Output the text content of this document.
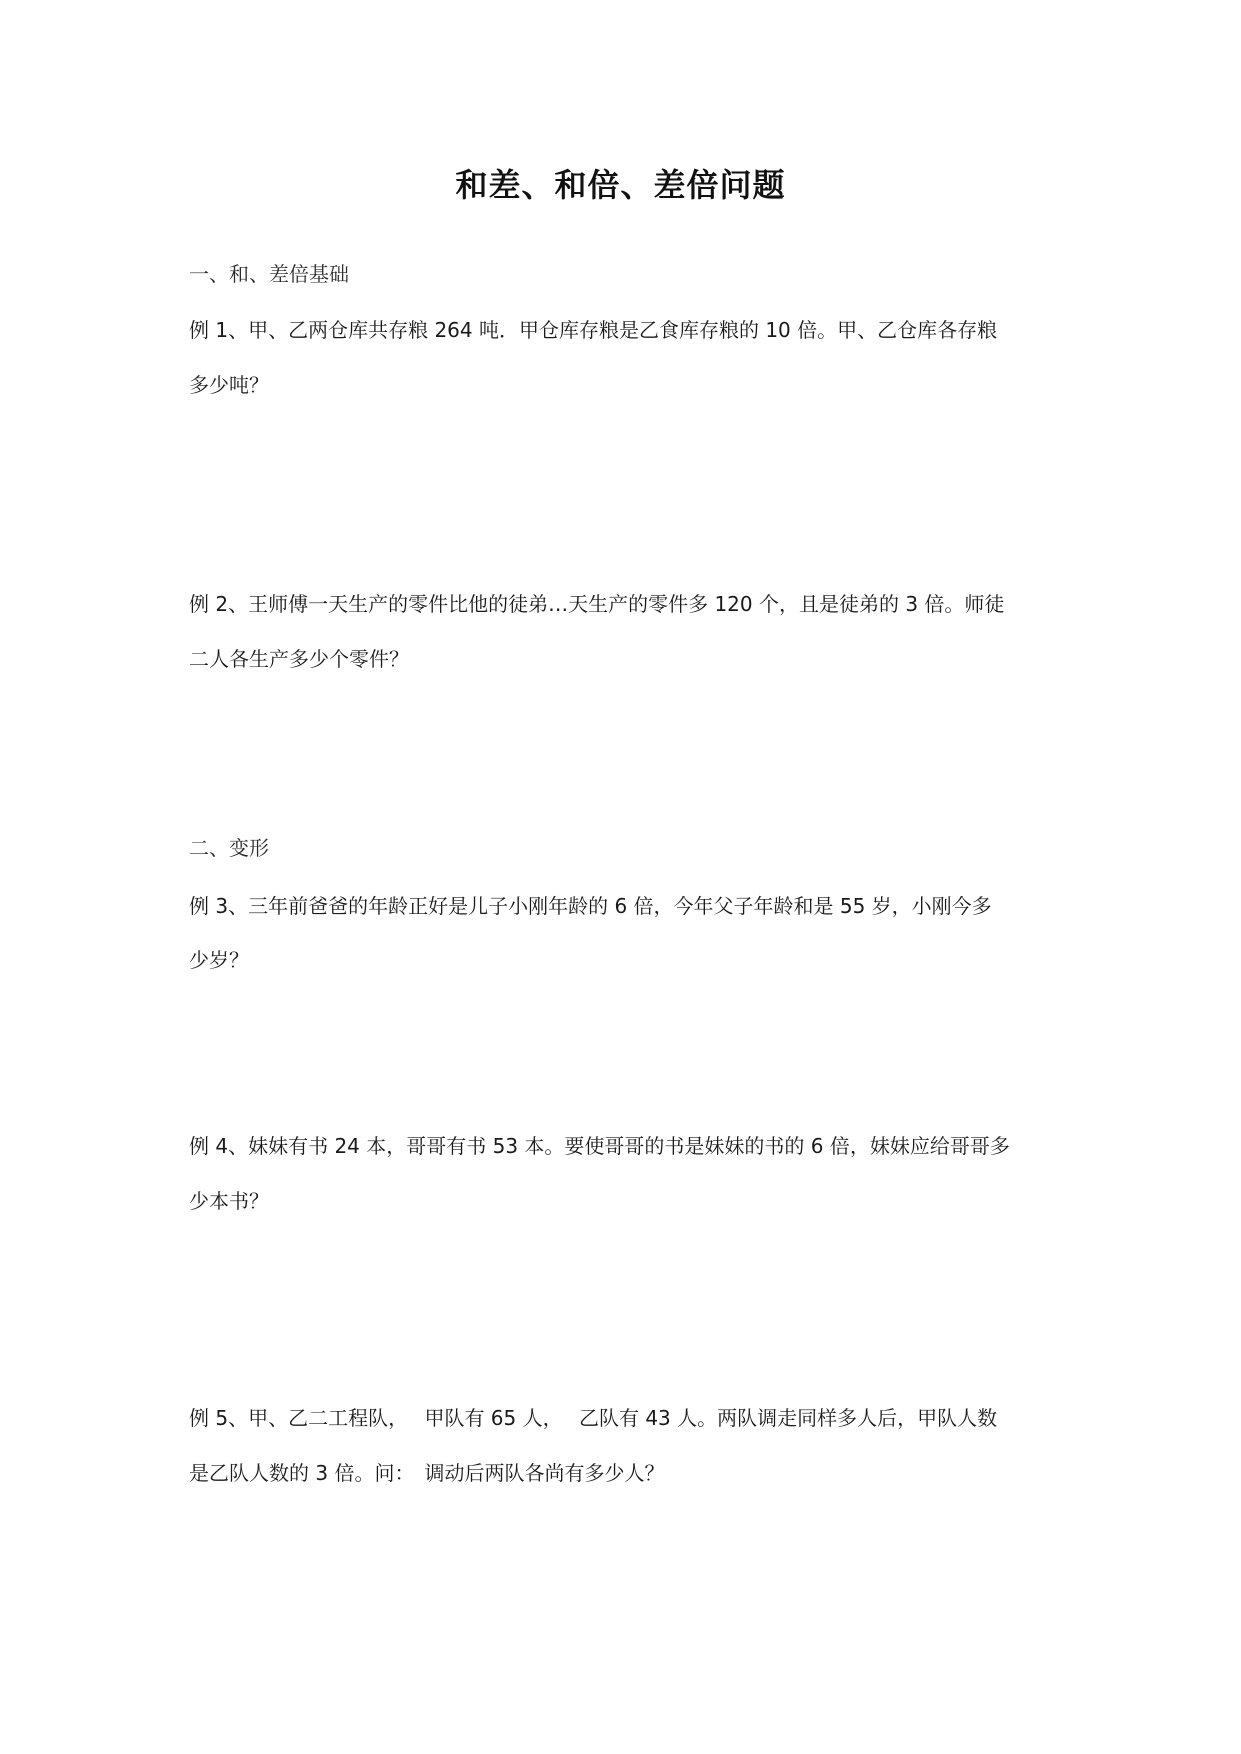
和差、和倍、差倍问题
一、和、差倍基础
例 1、甲、乙两仓库共存粮 264 吨．甲仓库存粮是乙食库存粮的 10 倍。甲、乙仓库各存粮
多少吨？
例 2、王师傅一天生产的零件比他的徒弟…天生产的零件多 120 个，且是徒弟的 3 倍。师徒
二人各生产多少个零件？
二、变形
例 3、三年前爸爸的年龄正好是儿子小刚年龄的 6 倍，今年父子年龄和是 55 岁，小刚今多
少岁？
例 4、妹妹有书 24 本，哥哥有书 53 本。要使哥哥的书是妹妹的书的 6 倍，妹妹应给哥哥多
少本书？
例 5、甲、乙二工程队，　 甲队有 65 人，　 乙队有 43 人。两队调走同样多人后，甲队人数
是乙队人数的 3 倍。问：　调动后两队各尚有多少人？
